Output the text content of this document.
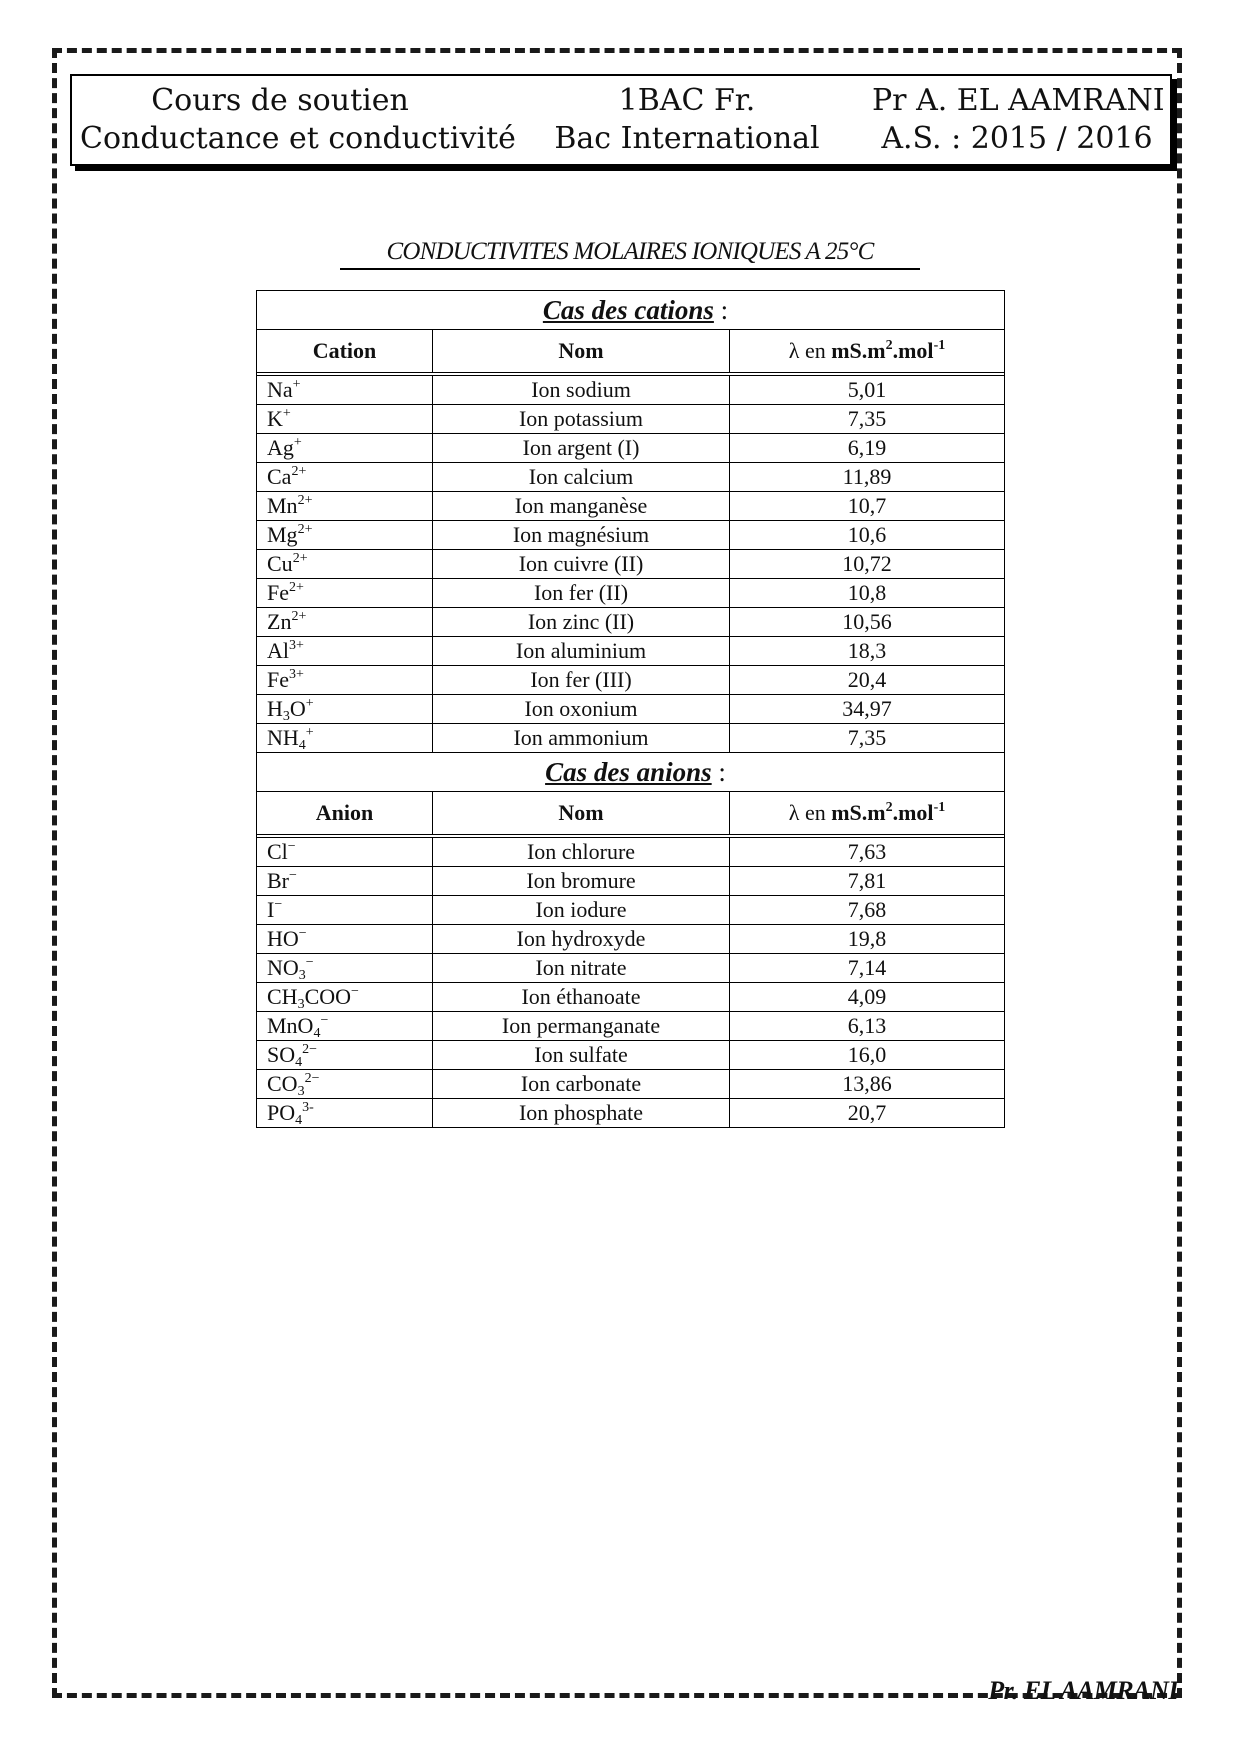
Cours de soutien
Conductance et conductivité
1BAC Fr.
Bac International
Pr A. EL AAMRANI
A.S. : 2015 / 2016
CONDUCTIVITES MOLAIRES IONIQUES A 25°C
Cas des cations :		
Cation	Nom	λ en $mS.m^2.mol^{-1}$

Na+	Ion sodium	5,01
K+	Ion potassium	7,35
Ag+	Ion argent (I)	6,19
$Ca^{2+}$	Ion calcium	11,89
$Mn^{2+}$	Ion manganèse	10,7
$Mg^{2+}$	Ion magnésium	10,6
$Cu^{2+}$	Ion cuivre (II)	10,72
$Fe^{2+}$	Ion fer (II)	10,8
$Zn^{2+}$	Ion zinc (II)	10,56
$Al^{3+}$	Ion aluminium	18,3
$Fe^{3+}$	Ion fer (III)	20,4
$H_3O^+$	Ion oxonium	34,97
$NH_4^+$	Ion ammonium	7,35
Cas des anions :		
Anion	Nom	λ en $mS.m^2.mol^{-1}$

Cl−	Ion chlorure	7,63
Br−	Ion bromure	7,81
I−	Ion iodure	7,68
HO−	Ion hydroxyde	19,8
$NO_3^-$	Ion nitrate	7,14
$CH_3COO^-$	Ion éthanoate	4,09
MnO$_4$−	Ion permanganate	6,13
$SO_4^{2-}$	Ion sulfate	16,0
$CO_3^{2-}$	Ion carbonate	13,86
$PO_4^{3-}$	Ion phosphate	20,7
Pr. EL AAMRANI
